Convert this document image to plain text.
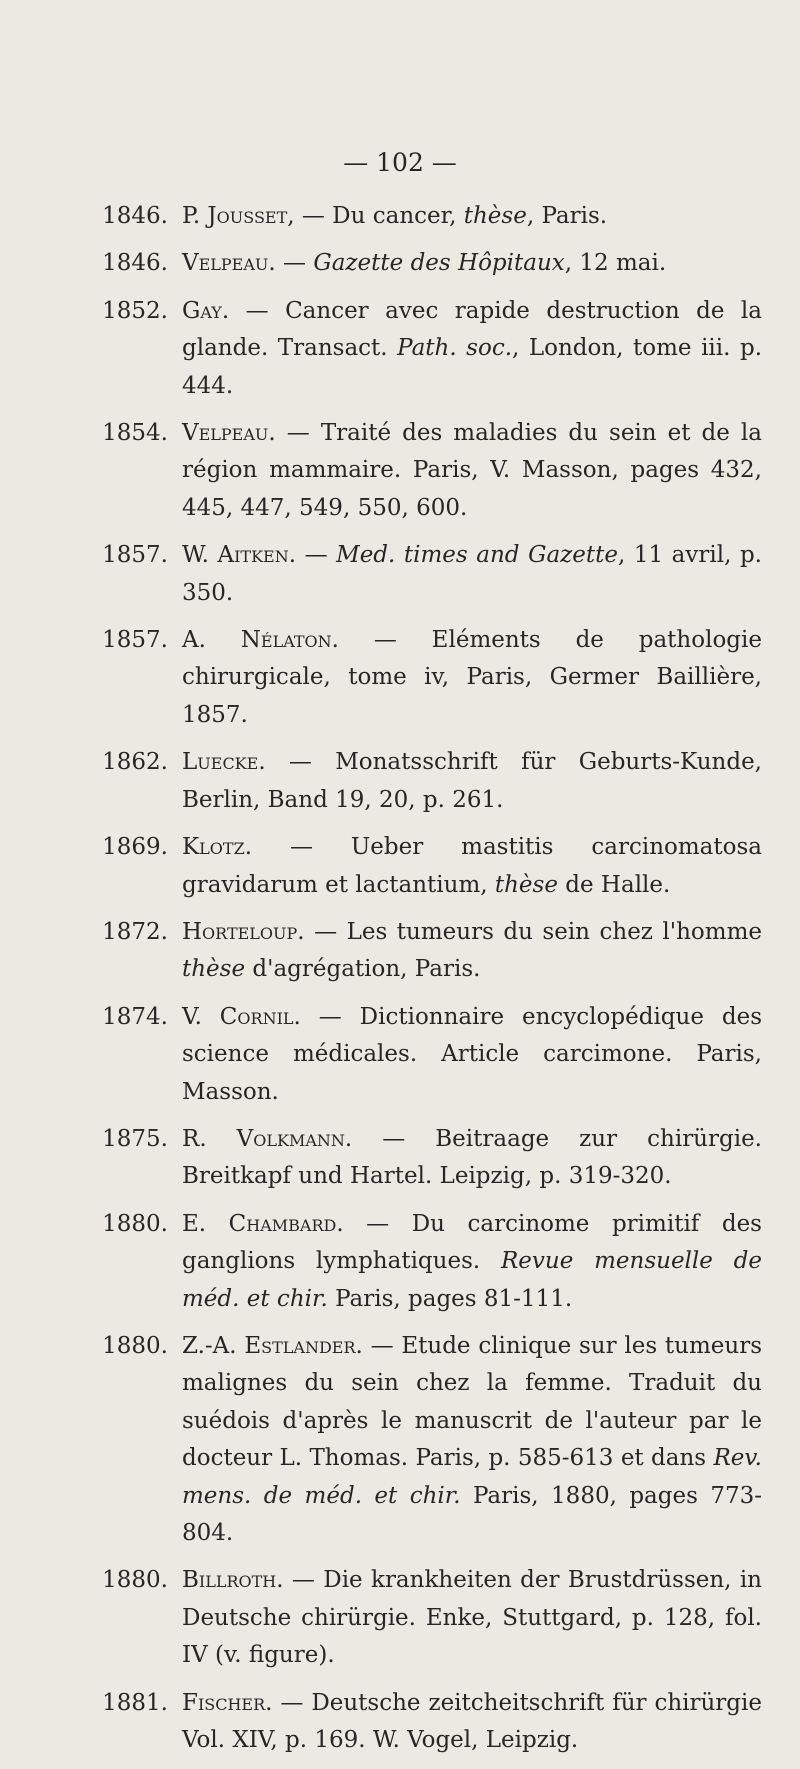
— 102 —
1846. P. Jousset, — Du cancer, thèse, Paris.
1846. Velpeau. — Gazette des Hôpitaux, 12 mai.
1852. Gay. — Cancer avec rapide destruction de la glande. Transact. Path. soc., London, tome iii. p. 444.
1854. Velpeau. — Traité des maladies du sein et de la région mammaire. Paris, V. Masson, pages 432, 445, 447, 549, 550, 600.
1857. W. Aitken. — Med. times and Gazette, 11 avril, p. 350.
1857. A. Nélaton. — Eléments de pathologie chirurgicale, tome iv, Paris, Germer Baillière, 1857.
1862. Luecke. — Monatsschrift für Geburts-Kunde, Berlin, Band 19, 20, p. 261.
1869. Klotz. — Ueber mastitis carcinomatosa gravidarum et lactantium, thèse de Halle.
1872. Horteloup. — Les tumeurs du sein chez l'homme thèse d'agrégation, Paris.
1874. V. Cornil. — Dictionnaire encyclopédique des science médicales. Article carcimone. Paris, Masson.
1875. R. Volkmann. — Beitraage zur chirürgie. Breitkapf und Hartel. Leipzig, p. 319-320.
1880. E. Chambard. — Du carcinome primitif des ganglions lymphatiques. Revue mensuelle de méd. et chir. Paris, pages 81-111.
1880. Z.-A. Estlander. — Etude clinique sur les tumeurs malignes du sein chez la femme. Traduit du suédois d'après le manuscrit de l'auteur par le docteur L. Thomas. Paris, p. 585-613 et dans Rev. mens. de méd. et chir. Paris, 1880, pages 773-804.
1880. Billroth. — Die krankheiten der Brustdrüssen, in Deutsche chirürgie. Enke, Stuttgard, p. 128, fol. IV (v. figure).
1881. Fischer. — Deutsche zeitcheitschrift für chirürgie Vol. XIV, p. 169. W. Vogel, Leipzig.
